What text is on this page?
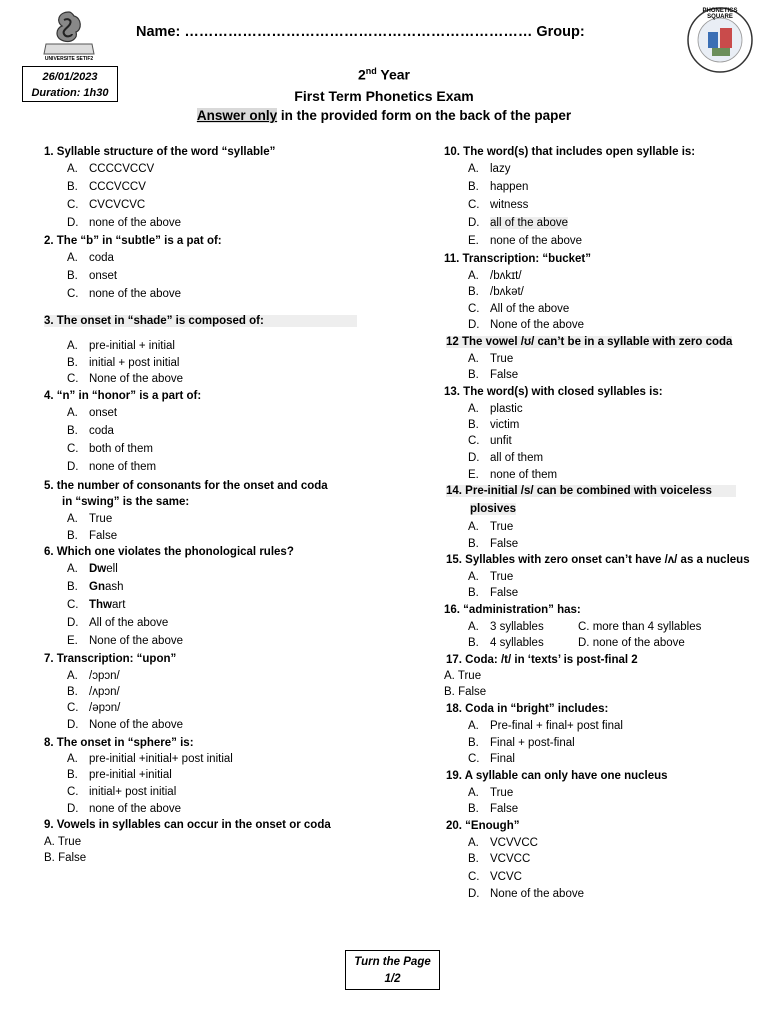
UNIVERSITE SETIF2
Name: ……………………………………………………………… Group:
PHONETICS SQUARE
26/01/2023
Duration: 1h30
2nd Year
First Term Phonetics Exam
Answer only in the provided form on the back of the paper
1. Syllable structure of the word “syllable”
A. CCCCVCCV
B. CCCVCCV
C. CVCVCVC
D. none of the above
2. The “b” in “subtle” is a pat of:
A. coda
B. onset
C. none of the above
3. The onset in “shade” is composed of:
A. pre-initial + initial
B. initial + post initial
C. None of the above
4. “n” in “honor” is a part of:
A. onset
B. coda
C. both of them
D. none of them
5. the number of consonants for the onset and coda
in “swing” is the same:
A. True
B. False
6. Which one violates the phonological rules?
A. Dwell
B. Gnash
C. Thwart
D. All of the above
E. None of the above
7. Transcription: “upon”
A. /ɔpɔn/
B. /ʌpɔn/
C. /əpɔn/
D. None of the above
8. The onset in “sphere” is:
A. pre-initial +initial+ post initial
B. pre-initial +initial
C. initial+ post initial
D. none of the above
9. Vowels in syllables can occur in the onset or coda
A. True
B. False
10. The word(s) that includes open syllable is:
A. lazy
B. happen
C. witness
D. all of the above
E. none of the above
11. Transcription: “bucket”
A. /bʌkɪt/
B. /bʌkət/
C. All of the above
D. None of the above
12 The vowel /ʊ/ can’t be in a syllable with zero coda
A. True
B. False
13. The word(s) with closed syllables is:
A. plastic
B. victim
C. unfit
D. all of them
E. none of them
14. Pre-initial /s/ can be combined with voiceless
plosives
A. True
B. False
15. Syllables with zero onset can’t have /ʌ/ as a nucleus
A. True
B. False
16. “administration” has:
A. 3 syllables	C. more than 4 syllables
B. 4 syllables	D. none of the above
17. Coda: /t/ in ‘texts’ is post-final 2
A. True
B. False
18. Coda in “bright” includes:
A. Pre-final + final+ post final
B. Final + post-final
C. Final
19. A syllable can only have one nucleus
A. True
B. False
20. “Enough”
A. VCVVCC
B. VCVCC
C. VCVC
D. None of the above
Turn the Page
1/2
